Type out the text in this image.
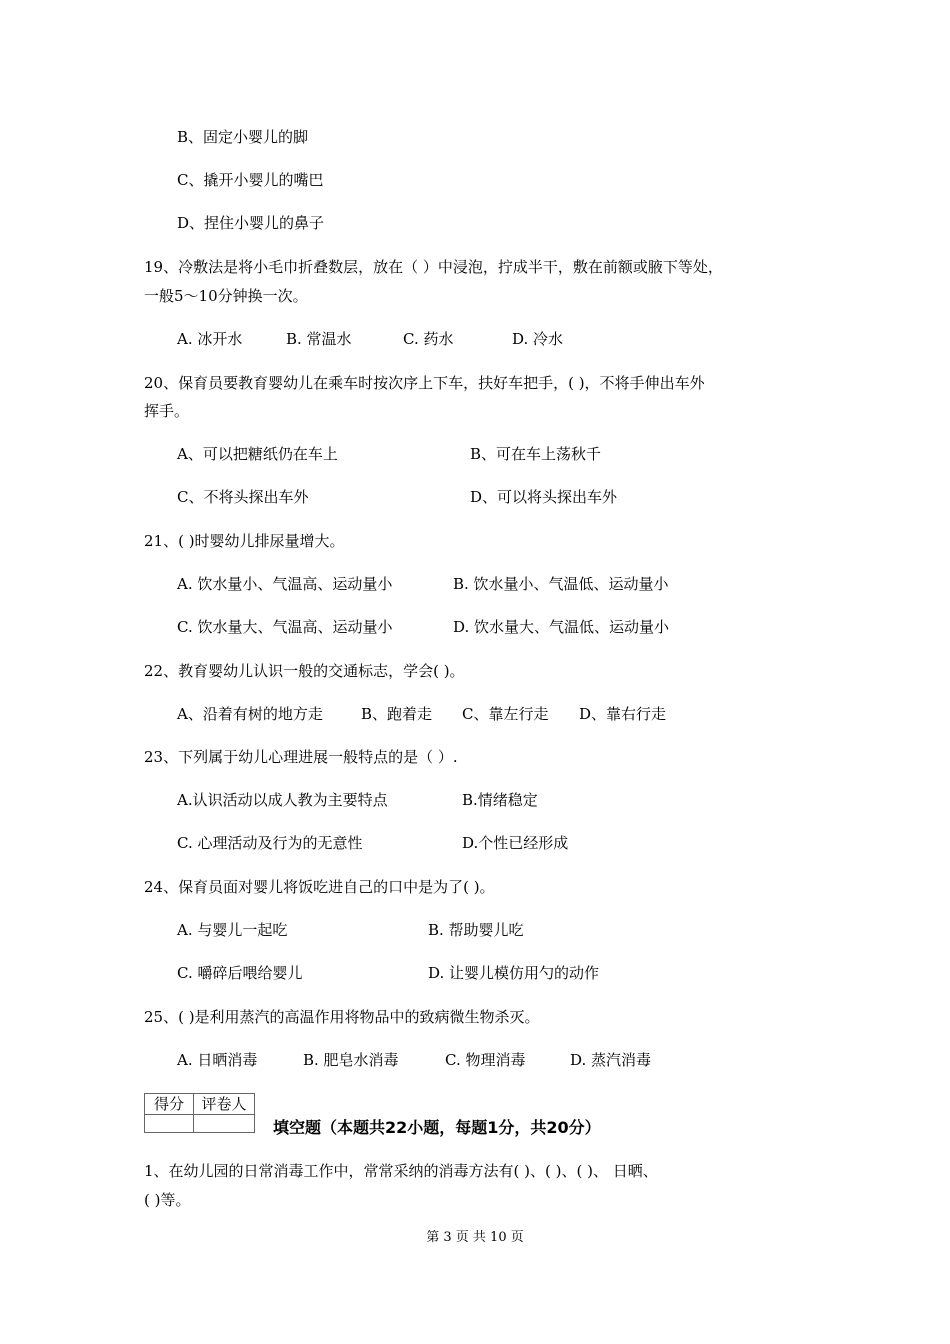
B、固定小婴儿的脚
C、撬开小婴儿的嘴巴
D、捏住小婴儿的鼻子
19、冷敷法是将小毛巾折叠数层，放在（ ）中浸泡，拧成半干，敷在前额或腋下等处，
一般5～10分钟换一次。
A. 冰开水	B. 常温水	C. 药水	D. 冷水
20、保育员要教育婴幼儿在乘车时按次序上下车，扶好车把手，( )，不将手伸出车外
挥手。
A、可以把糖纸仍在车上	B、可在车上荡秋千
C、不将头探出车外	D、可以将头探出车外
21、( )时婴幼儿排尿量增大。
A. 饮水量小、气温高、运动量小	B. 饮水量小、气温低、运动量小
C. 饮水量大、气温高、运动量小	D. 饮水量大、气温低、运动量小
22、教育婴幼儿认识一般的交通标志，学会( )。
A、沿着有树的地方走	B、跑着走 C、靠左行走 D、靠右行走
23、下列属于幼儿心理进展一般特点的是（ ）.
A.认识活动以成人教为主要特点	B.情绪稳定
C. 心理活动及行为的无意性	D.个性已经形成
24、保育员面对婴儿将饭吃进自己的口中是为了( )。
A. 与婴儿一起吃	B. 帮助婴儿吃
C. 嚼碎后喂给婴儿	D. 让婴儿模仿用勺的动作
25、( )是利用蒸汽的高温作用将物品中的致病微生物杀灭。
A. 日晒消毒	B. 肥皂水消毒	C. 物理消毒	D. 蒸汽消毒
得分	评卷人

填空题（本题共22小题，每题1分，共20分）
1、在幼儿园的日常消毒工作中，常常采纳的消毒方法有( )、( )、( )、 日晒、
( )等。
第 3 页 共 10 页
